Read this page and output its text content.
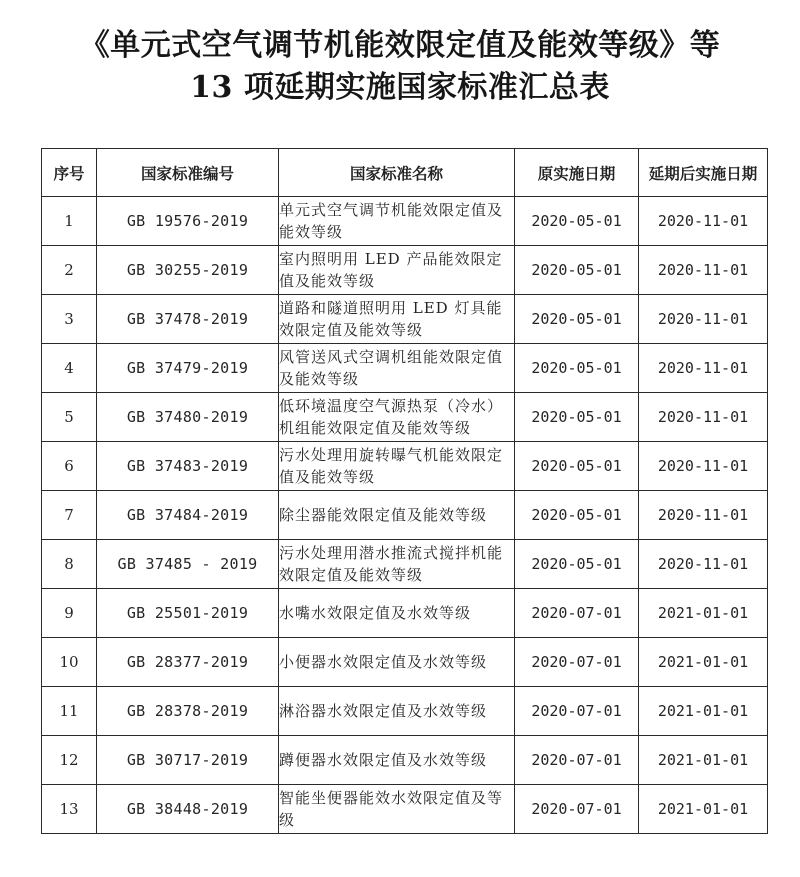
《单元式空气调节机能效限定值及能效等级》等
13 项延期实施国家标准汇总表
序号	国家标准编号	国家标准名称	原实施日期	延期后实施日期
1	GB 19576-2019	单元式空气调节机能效限定值及能效等级	2020-05-01	2020-11-01
2	GB 30255-2019	室内照明用 LED 产品能效限定值及能效等级	2020-05-01	2020-11-01
3	GB 37478-2019	道路和隧道照明用 LED 灯具能效限定值及能效等级	2020-05-01	2020-11-01
4	GB 37479-2019	风管送风式空调机组能效限定值及能效等级	2020-05-01	2020-11-01
5	GB 37480-2019	低环境温度空气源热泵（冷水）机组能效限定值及能效等级	2020-05-01	2020-11-01
6	GB 37483-2019	污水处理用旋转曝气机能效限定值及能效等级	2020-05-01	2020-11-01
7	GB 37484-2019	除尘器能效限定值及能效等级	2020-05-01	2020-11-01
8	GB 37485 - 2019	污水处理用潜水推流式搅拌机能效限定值及能效等级	2020-05-01	2020-11-01
9	GB 25501-2019	水嘴水效限定值及水效等级	2020-07-01	2021-01-01
10	GB 28377-2019	小便器水效限定值及水效等级	2020-07-01	2021-01-01
11	GB 28378-2019	淋浴器水效限定值及水效等级	2020-07-01	2021-01-01
12	GB 30717-2019	蹲便器水效限定值及水效等级	2020-07-01	2021-01-01
13	GB 38448-2019	智能坐便器能效水效限定值及等级	2020-07-01	2021-01-01
